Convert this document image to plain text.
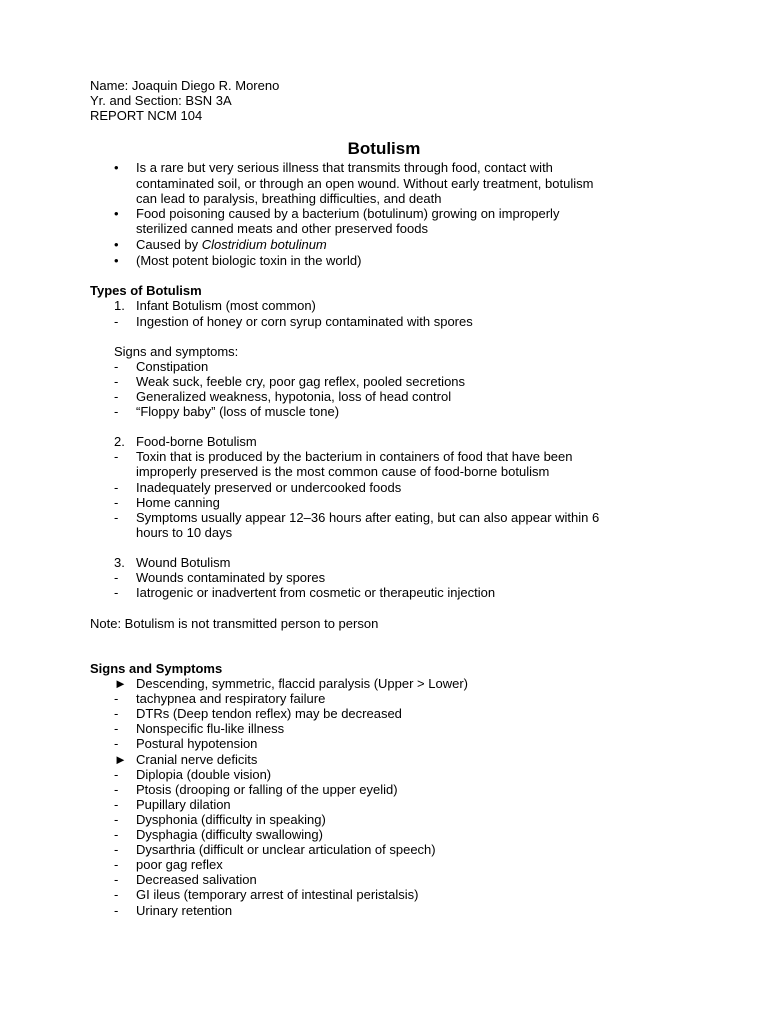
Name: Joaquin Diego R. Moreno
Yr. and Section: BSN 3A
REPORT NCM 104
Botulism
•	Is a rare but very serious illness that transmits through food, contact with
contaminated soil, or through an open wound. Without early treatment, botulism
can lead to paralysis, breathing difficulties, and death
•	Food poisoning caused by a bacterium (botulinum) growing on improperly
sterilized canned meats and other preserved foods
•	Caused by Clostridium botulinum
•	(Most potent biologic toxin in the world)
Types of Botulism
1. Infant Botulism (most common)
-	Ingestion of honey or corn syrup contaminated with spores
Signs and symptoms:
-	Constipation
-	Weak suck, feeble cry, poor gag reflex, pooled secretions
-	Generalized weakness, hypotonia, loss of head control
-	“Floppy baby” (loss of muscle tone)
2. Food-borne Botulism
-	Toxin that is produced by the bacterium in containers of food that have been
improperly preserved is the most common cause of food-borne botulism
-	Inadequately preserved or undercooked foods
-	Home canning
-	Symptoms usually appear 12–36 hours after eating, but can also appear within 6
hours to 10 days
3. Wound Botulism
-	Wounds contaminated by spores
-	Iatrogenic or inadvertent from cosmetic or therapeutic injection
Note: Botulism is not transmitted person to person
Signs and Symptoms
► Descending, symmetric, flaccid paralysis (Upper > Lower)
-	tachypnea and respiratory failure
-	DTRs (Deep tendon reflex) may be decreased
-	Nonspecific flu-like illness
-	Postural hypotension
► Cranial nerve deficits
-	Diplopia (double vision)
-	Ptosis (drooping or falling of the upper eyelid)
-	Pupillary dilation
-	Dysphonia (difficulty in speaking)
-	Dysphagia (difficulty swallowing)
-	Dysarthria (difficult or unclear articulation of speech)
-	poor gag reflex
-	Decreased salivation
-	GI ileus (temporary arrest of intestinal peristalsis)
-	Urinary retention
